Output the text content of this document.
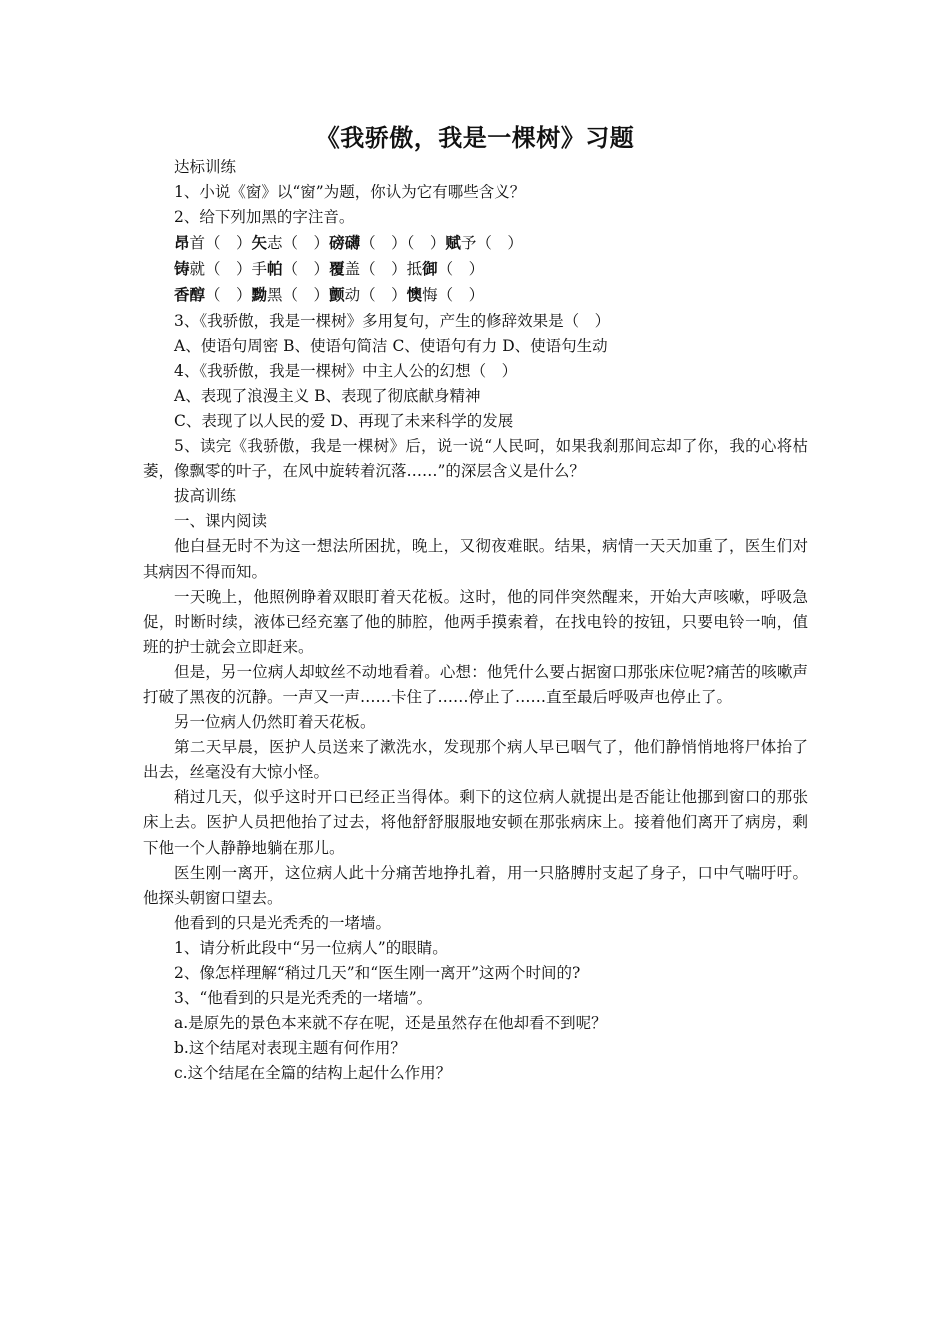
《我骄傲，我是一棵树》习题
达标训练
1、小说《窗》以“窗”为题，你认为它有哪些含义？
2、给下列加黑的字注音。
昂首（　）矢志（　）磅礴（　）（　）赋予（　）
铸就（　）手帕（　）覆盖（　）抵御（　）
香醇（　）黝黑（　）颤动（　）懊悔（　）
3、《我骄傲，我是一棵树》多用复句，产生的修辞效果是（　）
A、使语句周密 B、使语句简洁 C、使语句有力 D、使语句生动
4、《我骄傲，我是一棵树》中主人公的幻想（　）
A、表现了浪漫主义 B、表现了彻底献身精神
C、表现了以人民的爱 D、再现了未来科学的发展
5、读完《我骄傲，我是一棵树》后，说一说“人民呵，如果我刹那间忘却了你，我的心将枯萎，像飘零的叶子，在风中旋转着沉落……”的深层含义是什么？
拔高训练
一、课内阅读
他白昼无时不为这一想法所困扰，晚上，又彻夜难眠。结果，病情一天天加重了，医生们对其病因不得而知。
一天晚上，他照例睁着双眼盯着天花板。这时，他的同伴突然醒来，开始大声咳嗽，呼吸急促，时断时续，液体已经充塞了他的肺腔，他两手摸索着，在找电铃的按钮，只要电铃一响，值班的护士就会立即赶来。
但是，另一位病人却蚊丝不动地看着。心想：他凭什么要占据窗口那张床位呢?痛苦的咳嗽声打破了黑夜的沉静。一声又一声……卡住了……停止了……直至最后呼吸声也停止了。
另一位病人仍然盯着天花板。
第二天早晨，医护人员送来了漱洗水，发现那个病人早已咽气了，他们静悄悄地将尸体抬了出去，丝毫没有大惊小怪。
稍过几天，似乎这时开口已经正当得体。剩下的这位病人就提出是否能让他挪到窗口的那张床上去。医护人员把他抬了过去，将他舒舒服服地安顿在那张病床上。接着他们离开了病房，剩下他一个人静静地躺在那儿。
医生刚一离开，这位病人此十分痛苦地挣扎着，用一只胳膊肘支起了身子，口中气喘吁吁。他探头朝窗口望去。
他看到的只是光秃秃的一堵墙。
1、请分析此段中“另一位病人”的眼睛。
2、像怎样理解“稍过几天”和“医生刚一离开”这两个时间的?
3、“他看到的只是光秃秃的一堵墙”。
a.是原先的景色本来就不存在呢，还是虽然存在他却看不到呢？
b.这个结尾对表现主题有何作用？
c.这个结尾在全篇的结构上起什么作用？
